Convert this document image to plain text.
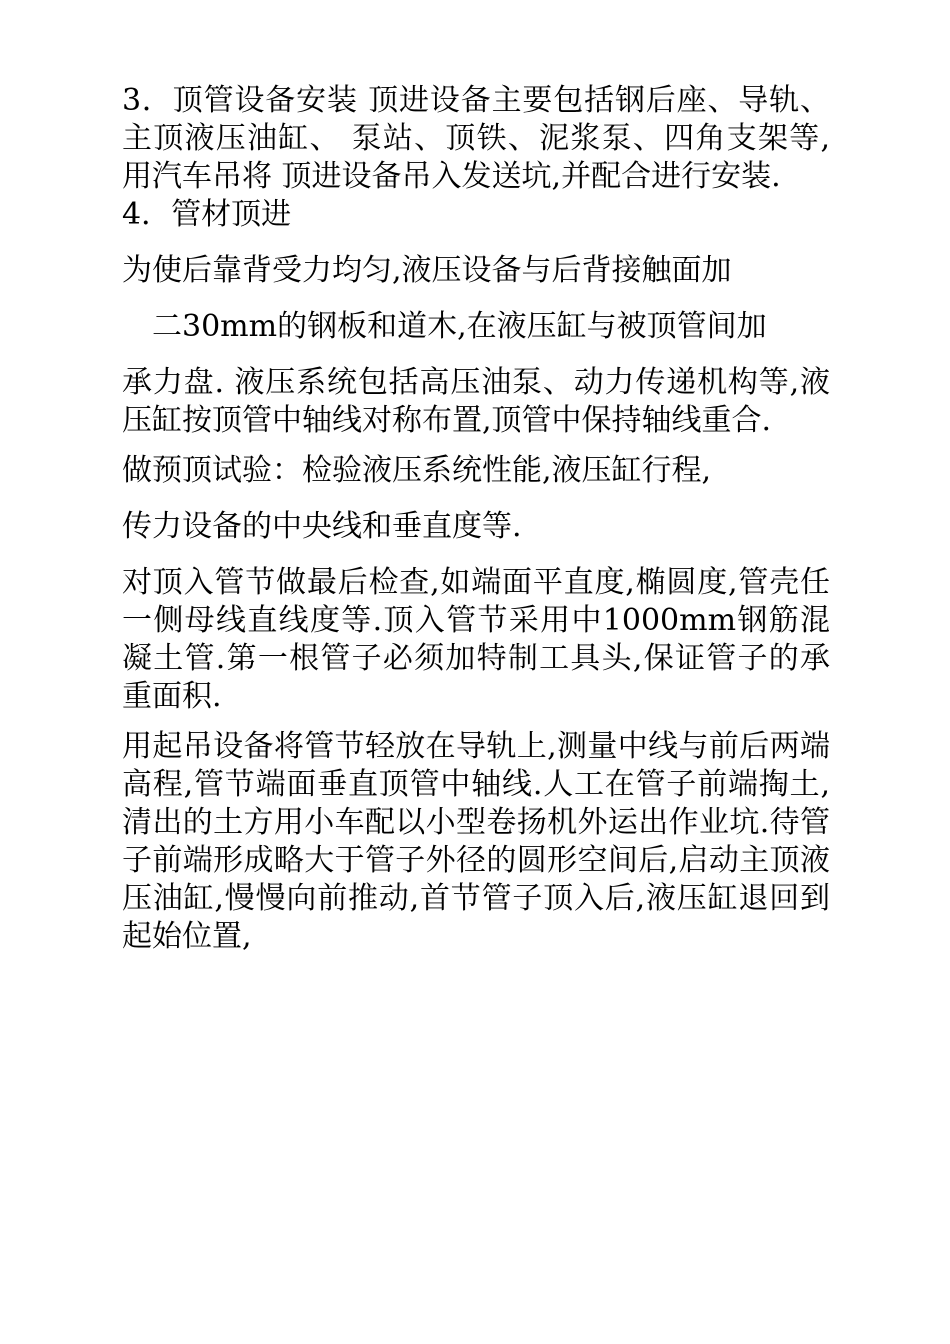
3．顶管设备安装 顶进设备主要包括钢后座、导轨、主顶液压油缸、 泵站、顶铁、泥浆泵、四角支架等,用汽车吊将 顶进设备吊入发送坑,并配合进行安装.

4．管材顶进

为使后靠背受力均匀,液压设备与后背接触面加

二30mm的钢板和道木,在液压缸与被顶管间加

承力盘. 液压系统包括高压油泵、动力传递机构等,液压缸按顶管中轴线对称布置,顶管中保持轴线重合.

做预顶试验：检验液压系统性能,液压缸行程,

传力设备的中央线和垂直度等.

对顶入管节做最后检查,如端面平直度,椭圆度,管壳任一侧母线直线度等.顶入管节采用中1000mm钢筋混凝土管.第一根管子必须加特制工具头,保证管子的承重面积.

用起吊设备将管节轻放在导轨上,测量中线与前后两端高程,管节端面垂直顶管中轴线.人工在管子前端掏土,清出的土方用小车配以小型卷扬机外运出作业坑.待管子前端形成略大于管子外径的圆形空间后,启动主顶液压油缸,慢慢向前推动,首节管子顶入后,液压缸退回到起始位置,
